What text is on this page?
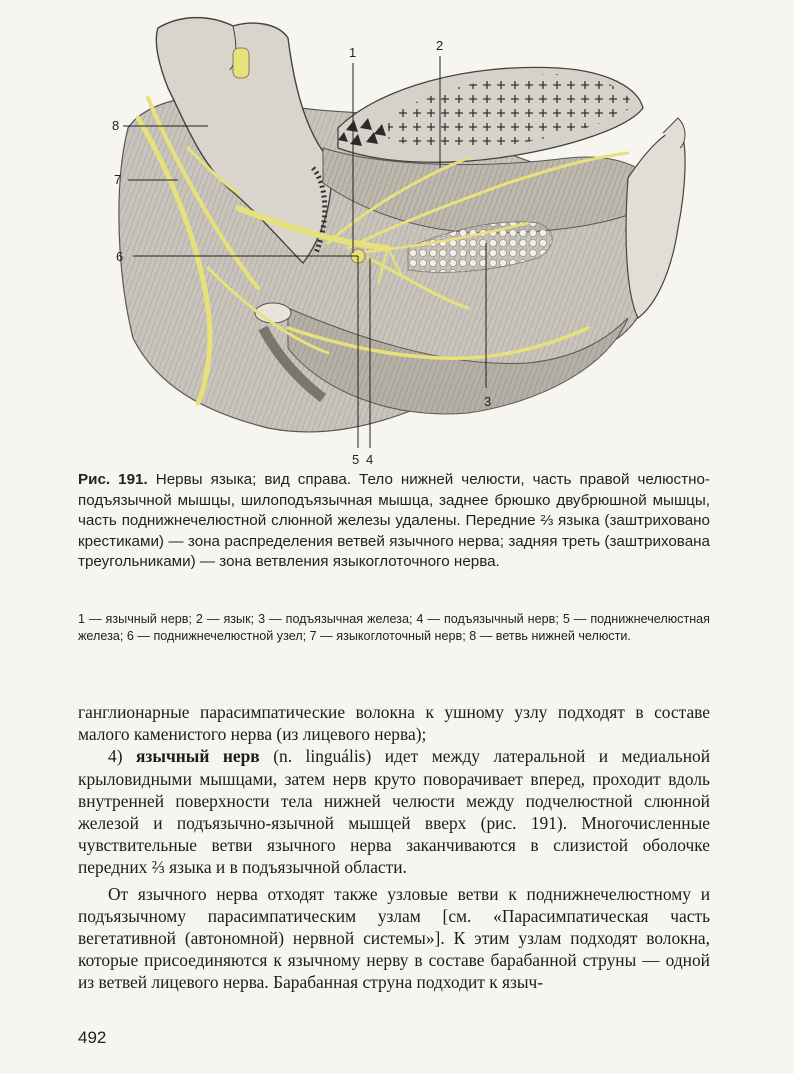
1	2
3
4
5
6
7
8
Рис. 191. Нервы языка; вид справа. Тело нижней челюсти, часть правой челюстно-подъязычной мышцы, шилоподъязычная мышца, заднее брюшко двубрюшной мышцы, часть поднижнечелюстной слюнной железы удалены. Передние ⅔ языка (заштриховано крестиками) — зона распределения ветвей язычного нерва; задняя треть (заштрихована треугольниками) — зона ветвления языкоглоточного нерва.
1 — язычный нерв; 2 — язык; 3 — подъязычная железа; 4 — подъязычный нерв; 5 — поднижнечелюстная железа; 6 — поднижнечелюстной узел; 7 — языкоглоточный нерв; 8 — ветвь нижней челюсти.

ганглионарные парасимпатические волокна к ушному узлу подходят в составе малого каменистого нерва (из лицевого нерва);

4) язычный нерв (n. linguális) идет между латеральной и медиальной крыловидными мышцами, затем нерв круто поворачивает вперед, проходит вдоль внутренней поверхности тела нижней челюсти между подчелюстной слюнной железой и подъязычно-язычной мышцей вверх (рис. 191). Многочисленные чувствительные ветви язычного нерва заканчиваются в слизистой оболочке передних ⅔ языка и в подъязычной области.

От язычного нерва отходят также узловые ветви к поднижнечелюстному и подъязычному парасимпатическим узлам [см. «Парасимпатическая часть вегетативной (автономной) нервной системы»]. К этим узлам подходят волокна, которые присоединяются к язычному нерву в составе барабанной струны — одной из ветвей лицевого нерва. Барабанная струна подходит к языч-

492
